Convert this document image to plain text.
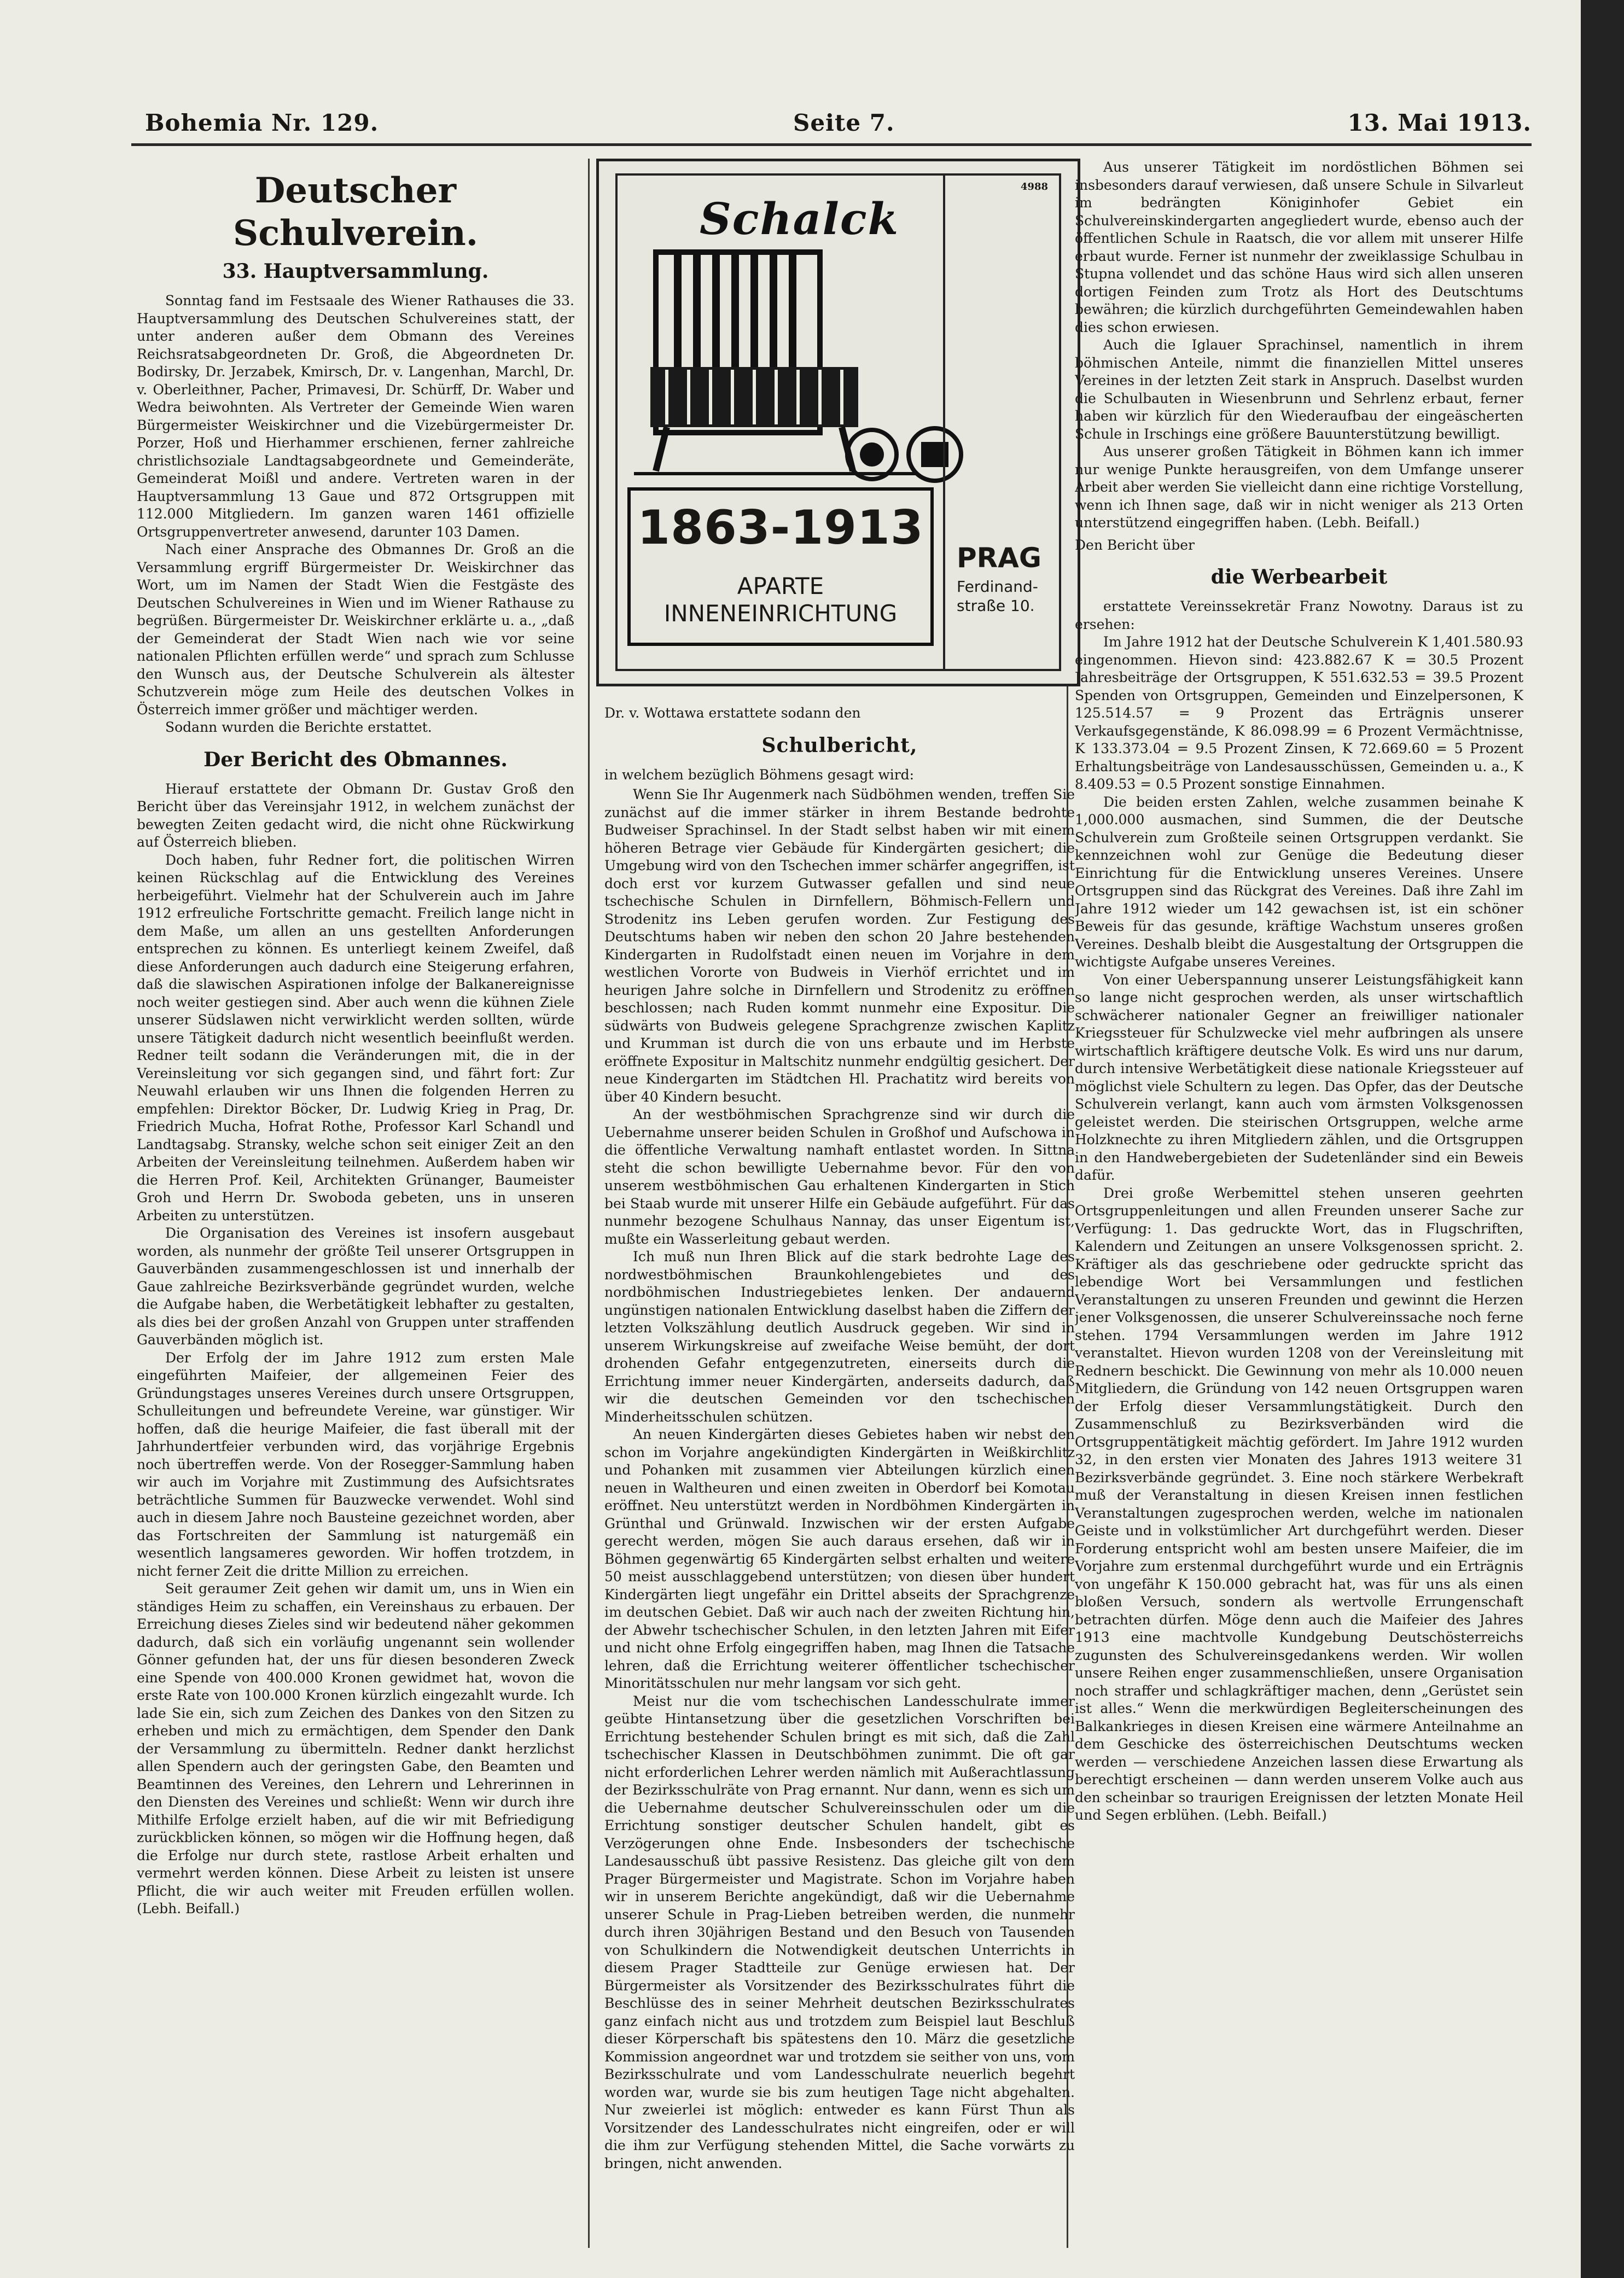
Bohemia Nr. 129.	Seite 7.	13. Mai 1913.
Deutscher Schulverein.
33. Hauptversammlung.

Sonntag fand im Festsaale des Wiener Rathauses die 33. Hauptversammlung des Deutschen Schulvereines statt, der unter anderen außer dem Obmann des Vereines Reichsratsabgeordneten Dr. Groß, die Abgeordneten Dr. Bodirsky, Dr. Jerzabek, Kmirsch, Dr. v. Langenhan, Marchl, Dr. v. Oberleithner, Pacher, Primavesi, Dr. Schürff, Dr. Waber und Wedra beiwohnten. Als Vertreter der Gemeinde Wien waren Bürgermeister Weiskirchner und die Vizebürgermeister Dr. Porzer, Hoß und Hierhammer erschienen, ferner zahlreiche christlichsoziale Landtagsabgeordnete und Gemeinderäte, Gemeinderat Moißl und andere. Vertreten waren in der Hauptversammlung 13 Gaue und 872 Ortsgruppen mit 112.000 Mitgliedern. Im ganzen waren 1461 offizielle Ortsgruppenvertreter anwesend, darunter 103 Damen.

Nach einer Ansprache des Obmannes Dr. Groß an die Versammlung ergriff Bürgermeister Dr. Weiskirchner das Wort, um im Namen der Stadt Wien die Festgäste des Deutschen Schulvereines in Wien und im Wiener Rathause zu begrüßen. Bürgermeister Dr. Weiskirchner erklärte u. a., „daß der Gemeinderat der Stadt Wien nach wie vor seine nationalen Pflichten erfüllen werde“ und sprach zum Schlusse den Wunsch aus, der Deutsche Schulverein als ältester Schutzverein möge zum Heile des deutschen Volkes in Österreich immer größer und mächtiger werden.

Sodann wurden die Berichte erstattet.

Der Bericht des Obmannes.

Hierauf erstattete der Obmann Dr. Gustav Groß den Bericht über das Vereinsjahr 1912, in welchem zunächst der bewegten Zeiten gedacht wird, die nicht ohne Rückwirkung auf Österreich blieben.

Doch haben, fuhr Redner fort, die politischen Wirren keinen Rückschlag auf die Entwicklung des Vereines herbeigeführt. Vielmehr hat der Schulverein auch im Jahre 1912 erfreuliche Fortschritte gemacht. Freilich lange nicht in dem Maße, um allen an uns gestellten Anforderungen entsprechen zu können. Es unterliegt keinem Zweifel, daß diese Anforderungen auch dadurch eine Steigerung erfahren, daß die slawischen Aspirationen infolge der Balkanereignisse noch weiter gestiegen sind. Aber auch wenn die kühnen Ziele unserer Südslawen nicht verwirklicht werden sollten, würde unsere Tätigkeit dadurch nicht wesentlich beeinflußt werden. Redner teilt sodann die Veränderungen mit, die in der Vereinsleitung vor sich gegangen sind, und fährt fort: Zur Neuwahl erlauben wir uns Ihnen die folgenden Herren zu empfehlen: Direktor Böcker, Dr. Ludwig Krieg in Prag, Dr. Friedrich Mucha, Hofrat Rothe, Professor Karl Schandl und Landtagsabg. Stransky, welche schon seit einiger Zeit an den Arbeiten der Vereinsleitung teilnehmen. Außerdem haben wir die Herren Prof. Keil, Architekten Grünanger, Baumeister Groh und Herrn Dr. Swoboda gebeten, uns in unseren Arbeiten zu unterstützen.

Die Organisation des Vereines ist insofern ausgebaut worden, als nunmehr der größte Teil unserer Ortsgruppen in Gauverbänden zusammengeschlossen ist und innerhalb der Gaue zahlreiche Bezirksverbände gegründet wurden, welche die Aufgabe haben, die Werbetätigkeit lebhafter zu gestalten, als dies bei der großen Anzahl von Gruppen unter straffenden Gauverbänden möglich ist.

Der Erfolg der im Jahre 1912 zum ersten Male eingeführten Maifeier, der allgemeinen Feier des Gründungstages unseres Vereines durch unsere Ortsgruppen, Schulleitungen und befreundete Vereine, war günstiger. Wir hoffen, daß die heurige Maifeier, die fast überall mit der Jahrhundertfeier verbunden wird, das vorjährige Ergebnis noch übertreffen werde. Von der Rosegger-Sammlung haben wir auch im Vorjahre mit Zustimmung des Aufsichtsrates beträchtliche Summen für Bauzwecke verwendet. Wohl sind auch in diesem Jahre noch Bausteine gezeichnet worden, aber das Fortschreiten der Sammlung ist naturgemäß ein wesentlich langsameres geworden. Wir hoffen trotzdem, in nicht ferner Zeit die dritte Million zu erreichen.

Seit geraumer Zeit gehen wir damit um, uns in Wien ein ständiges Heim zu schaffen, ein Vereinshaus zu erbauen. Der Erreichung dieses Zieles sind wir bedeutend näher gekommen dadurch, daß sich ein vorläufig ungenannt sein wollender Gönner gefunden hat, der uns für diesen besonderen Zweck eine Spende von 400.000 Kronen gewidmet hat, wovon die erste Rate von 100.000 Kronen kürzlich eingezahlt wurde. Ich lade Sie ein, sich zum Zeichen des Dankes von den Sitzen zu erheben und mich zu ermächtigen, dem Spender den Dank der Versammlung zu übermitteln. Redner dankt herzlichst allen Spendern auch der geringsten Gabe, den Beamten und Beamtinnen des Vereines, den Lehrern und Lehrerinnen in den Diensten des Vereines und schließt: Wenn wir durch ihre Mithilfe Erfolge erzielt haben, auf die wir mit Befriedigung zurückblicken können, so mögen wir die Hoffnung hegen, daß die Erfolge nur durch stete, rastlose Arbeit erhalten und vermehrt werden können. Diese Arbeit zu leisten ist unsere Pflicht, die wir auch weiter mit Freuden erfüllen wollen. (Lebh. Beifall.)

4988
Schalck
1863-1913
APARTE
INNENEINRICHTUNG
PRAG
Ferdinand-
straße 10.

Dr. v. Wottawa erstattete sodann den

Schulbericht,

in welchem bezüglich Böhmens gesagt wird:

Wenn Sie Ihr Augenmerk nach Südböhmen wenden, treffen Sie zunächst auf die immer stärker in ihrem Bestande bedrohte Budweiser Sprachinsel. In der Stadt selbst haben wir mit einem höheren Betrage vier Gebäude für Kindergärten gesichert; die Umgebung wird von den Tschechen immer schärfer angegriffen, ist doch erst vor kurzem Gutwasser gefallen und sind neue tschechische Schulen in Dirnfellern, Böhmisch-Fellern und Strodenitz ins Leben gerufen worden. Zur Festigung des Deutschtums haben wir neben den schon 20 Jahre bestehenden Kindergarten in Rudolfstadt einen neuen im Vorjahre in dem westlichen Vororte von Budweis in Vierhöf errichtet und im heurigen Jahre solche in Dirnfellern und Strodenitz zu eröffnen beschlossen; nach Ruden kommt nunmehr eine Expositur. Die südwärts von Budweis gelegene Sprachgrenze zwischen Kaplitz und Krumman ist durch die von uns erbaute und im Herbste eröffnete Expositur in Maltschitz nunmehr endgültig gesichert. Der neue Kindergarten im Städtchen Hl. Prachatitz wird bereits von über 40 Kindern besucht.

An der westböhmischen Sprachgrenze sind wir durch die Uebernahme unserer beiden Schulen in Großhof und Aufschowa in die öffentliche Verwaltung namhaft entlastet worden. In Sittna steht die schon bewilligte Uebernahme bevor. Für den von unserem westböhmischen Gau erhaltenen Kindergarten in Stich bei Staab wurde mit unserer Hilfe ein Gebäude aufgeführt. Für das nunmehr bezogene Schulhaus Nannay, das unser Eigentum ist, mußte ein Wasserleitung gebaut werden.

Ich muß nun Ihren Blick auf die stark bedrohte Lage des nordwestböhmischen Braunkohlengebietes und des nordböhmischen Industriegebietes lenken. Der andauernd ungünstigen nationalen Entwicklung daselbst haben die Ziffern der letzten Volkszählung deutlich Ausdruck gegeben. Wir sind in unserem Wirkungskreise auf zweifache Weise bemüht, der dort drohenden Gefahr entgegenzutreten, einerseits durch die Errichtung immer neuer Kindergärten, anderseits dadurch, daß wir die deutschen Gemeinden vor den tschechischen Minderheitsschulen schützen.

An neuen Kindergärten dieses Gebietes haben wir nebst den schon im Vorjahre angekündigten Kindergärten in Weißkirchlitz und Pohanken mit zusammen vier Abteilungen kürzlich einen neuen in Waltheuren und einen zweiten in Oberdorf bei Komotau eröffnet. Neu unterstützt werden in Nordböhmen Kindergärten in Grünthal und Grünwald. Inzwischen wir der ersten Aufgabe gerecht werden, mögen Sie auch daraus ersehen, daß wir in Böhmen gegenwärtig 65 Kindergärten selbst erhalten und weitere 50 meist ausschlaggebend unterstützen; von diesen über hundert Kindergärten liegt ungefähr ein Drittel abseits der Sprachgrenze im deutschen Gebiet. Daß wir auch nach der zweiten Richtung hin, der Abwehr tschechischer Schulen, in den letzten Jahren mit Eifer und nicht ohne Erfolg eingegriffen haben, mag Ihnen die Tatsache lehren, daß die Errichtung weiterer öffentlicher tschechischer Minoritätsschulen nur mehr langsam vor sich geht.

Meist nur die vom tschechischen Landesschulrate immer geübte Hintansetzung über die gesetzlichen Vorschriften bei Errichtung bestehender Schulen bringt es mit sich, daß die Zahl tschechischer Klassen in Deutschböhmen zunimmt. Die oft gar nicht erforderlichen Lehrer werden nämlich mit Außerachtlassung der Bezirksschulräte von Prag ernannt. Nur dann, wenn es sich um die Uebernahme deutscher Schulvereinsschulen oder um die Errichtung sonstiger deutscher Schulen handelt, gibt es Verzögerungen ohne Ende. Insbesonders der tschechische Landesausschuß übt passive Resistenz. Das gleiche gilt von dem Prager Bürgermeister und Magistrate. Schon im Vorjahre haben wir in unserem Berichte angekündigt, daß wir die Uebernahme unserer Schule in Prag-Lieben betreiben werden, die nunmehr durch ihren 30jährigen Bestand und den Besuch von Tausenden von Schulkindern die Notwendigkeit deutschen Unterrichts in diesem Prager Stadtteile zur Genüge erwiesen hat. Der Bürgermeister als Vorsitzender des Bezirksschulrates führt die Beschlüsse des in seiner Mehrheit deutschen Bezirksschulrates ganz einfach nicht aus und trotzdem zum Beispiel laut Beschluß dieser Körperschaft bis spätestens den 10. März die gesetzliche Kommission angeordnet war und trotzdem sie seither von uns, vom Bezirksschulrate und vom Landesschulrate neuerlich begehrt worden war, wurde sie bis zum heutigen Tage nicht abgehalten. Nur zweierlei ist möglich: entweder es kann Fürst Thun als Vorsitzender des Landesschulrates nicht eingreifen, oder er will die ihm zur Verfügung stehenden Mittel, die Sache vorwärts zu bringen, nicht anwenden.

Aus unserer Tätigkeit im nordöstlichen Böhmen sei insbesonders darauf verwiesen, daß unsere Schule in Silvarleut im bedrängten Königinhofer Gebiet ein Schulvereinskindergarten angegliedert wurde, ebenso auch der öffentlichen Schule in Raatsch, die vor allem mit unserer Hilfe erbaut wurde. Ferner ist nunmehr der zweiklassige Schulbau in Stupna vollendet und das schöne Haus wird sich allen unseren dortigen Feinden zum Trotz als Hort des Deutschtums bewähren; die kürzlich durchgeführten Gemeindewahlen haben dies schon erwiesen.

Auch die Iglauer Sprachinsel, namentlich in ihrem böhmischen Anteile, nimmt die finanziellen Mittel unseres Vereines in der letzten Zeit stark in Anspruch. Daselbst wurden die Schulbauten in Wiesenbrunn und Sehrlenz erbaut, ferner haben wir kürzlich für den Wiederaufbau der eingeäscherten Schule in Irschings eine größere Bauunterstützung bewilligt.

Aus unserer großen Tätigkeit in Böhmen kann ich immer nur wenige Punkte herausgreifen, von dem Umfange unserer Arbeit aber werden Sie vielleicht dann eine richtige Vorstellung, wenn ich Ihnen sage, daß wir in nicht weniger als 213 Orten unterstützend eingegriffen haben. (Lebh. Beifall.)

Den Bericht über

die Werbearbeit

erstattete Vereinssekretär Franz Nowotny. Daraus ist zu ersehen:

Im Jahre 1912 hat der Deutsche Schulverein K 1,401.580.93 eingenommen. Hievon sind: 423.882.67 K = 30.5 Prozent Jahresbeiträge der Ortsgruppen, K 551.632.53 = 39.5 Prozent Spenden von Ortsgruppen, Gemeinden und Einzelpersonen, K 125.514.57 = 9 Prozent das Erträgnis unserer Verkaufsgegenstände, K 86.098.99 = 6 Prozent Vermächtnisse, K 133.373.04 = 9.5 Prozent Zinsen, K 72.669.60 = 5 Prozent Erhaltungsbeiträge von Landesausschüssen, Gemeinden u. a., K 8.409.53 = 0.5 Prozent sonstige Einnahmen.

Die beiden ersten Zahlen, welche zusammen beinahe K 1,000.000 ausmachen, sind Summen, die der Deutsche Schulverein zum Großteile seinen Ortsgruppen verdankt. Sie kennzeichnen wohl zur Genüge die Bedeutung dieser Einrichtung für die Entwicklung unseres Vereines. Unsere Ortsgruppen sind das Rückgrat des Vereines. Daß ihre Zahl im Jahre 1912 wieder um 142 gewachsen ist, ist ein schöner Beweis für das gesunde, kräftige Wachstum unseres großen Vereines. Deshalb bleibt die Ausgestaltung der Ortsgruppen die wichtigste Aufgabe unseres Vereines.

Von einer Ueberspannung unserer Leistungsfähigkeit kann so lange nicht gesprochen werden, als unser wirtschaftlich schwächerer nationaler Gegner an freiwilliger nationaler Kriegssteuer für Schulzwecke viel mehr aufbringen als unsere wirtschaftlich kräftigere deutsche Volk. Es wird uns nur darum, durch intensive Werbetätigkeit diese nationale Kriegssteuer auf möglichst viele Schultern zu legen. Das Opfer, das der Deutsche Schulverein verlangt, kann auch vom ärmsten Volksgenossen geleistet werden. Die steirischen Ortsgruppen, welche arme Holzknechte zu ihren Mitgliedern zählen, und die Ortsgruppen in den Handwebergebieten der Sudetenländer sind ein Beweis dafür.

Drei große Werbemittel stehen unseren geehrten Ortsgruppenleitungen und allen Freunden unserer Sache zur Verfügung: 1. Das gedruckte Wort, das in Flugschriften, Kalendern und Zeitungen an unsere Volksgenossen spricht. 2. Kräftiger als das geschriebene oder gedruckte spricht das lebendige Wort bei Versammlungen und festlichen Veranstaltungen zu unseren Freunden und gewinnt die Herzen jener Volksgenossen, die unserer Schulvereinssache noch ferne stehen. 1794 Versammlungen werden im Jahre 1912 veranstaltet. Hievon wurden 1208 von der Vereinsleitung mit Rednern beschickt. Die Gewinnung von mehr als 10.000 neuen Mitgliedern, die Gründung von 142 neuen Ortsgruppen waren der Erfolg dieser Versammlungstätigkeit. Durch den Zusammenschluß zu Bezirksverbänden wird die Ortsgruppentätigkeit mächtig gefördert. Im Jahre 1912 wurden 32, in den ersten vier Monaten des Jahres 1913 weitere 31 Bezirksverbände gegründet. 3. Eine noch stärkere Werbekraft muß der Veranstaltung in diesen Kreisen innen festlichen Veranstaltungen zugesprochen werden, welche im nationalen Geiste und in volkstümlicher Art durchgeführt werden. Dieser Forderung entspricht wohl am besten unsere Maifeier, die im Vorjahre zum erstenmal durchgeführt wurde und ein Erträgnis von ungefähr K 150.000 gebracht hat, was für uns als einen bloßen Versuch, sondern als wertvolle Errungenschaft betrachten dürfen. Möge denn auch die Maifeier des Jahres 1913 eine machtvolle Kundgebung Deutschösterreichs zugunsten des Schulvereinsgedankens werden. Wir wollen unsere Reihen enger zusammenschließen, unsere Organisation noch straffer und schlagkräftiger machen, denn „Gerüstet sein ist alles.“ Wenn die merkwürdigen Begleiterscheinungen des Balkankrieges in diesen Kreisen eine wärmere Anteilnahme an dem Geschicke des österreichischen Deutschtums wecken werden — verschiedene Anzeichen lassen diese Erwartung als berechtigt erscheinen — dann werden unserem Volke auch aus den scheinbar so traurigen Ereignissen der letzten Monate Heil und Segen erblühen. (Lebh. Beifall.)
